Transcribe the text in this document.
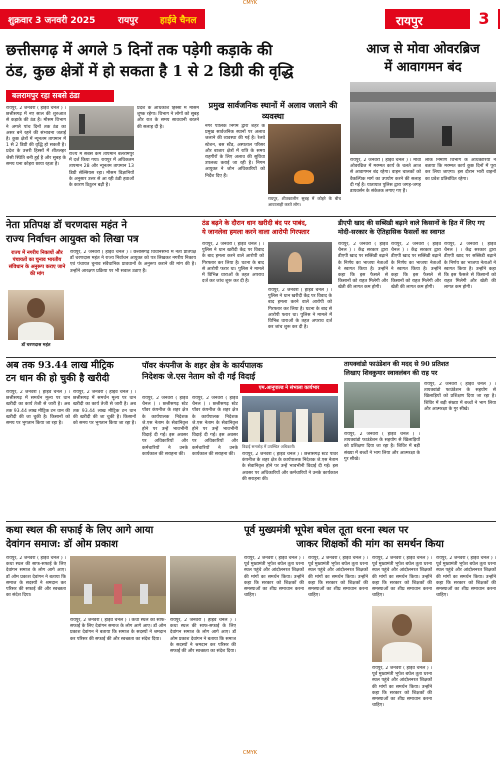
CMYK
शुक्रवार 3 जनवरी 2025	रायपुर हाईवे चैनल	रायपुर	3
छत्तीसगढ़ में अगले 5 दिनों तक पड़ेगी कड़ाके की
ठंड, कुछ क्षेत्रों में हो सकता है 1 से 2 डिग्री की वृद्धि
बलरामपुर रहा सबसे ठंडा
रायपुर, 2 जनवरी ( हाईवे चैनल ) । छत्तीसगढ़ में नए साल की शुरुआत से कड़ाके की ठंड है। मौसम विभाग ने अगले पांच दिनों तक ठंड का असर बने रहने की संभावना जताई है। कुछ क्षेत्रों में न्यूनतम तापमान में 1 से 2 डिग्री की वृद्धि हो सकती है। प्रदेश के उत्तरी हिस्सों में शीतलहर जैसी स्थिति बनी हुई है और सुबह के समय घना कोहरा छाया रहता है।
राज्य में सबसे कम तापमान बलरामपुर में दर्ज किया गया। रायपुर में अधिकतम तापमान 28 और न्यूनतम तापमान 13 डिग्री सेल्सियस रहा। मौसम विज्ञानियों के अनुसार उत्तर से आ रही ठंडी हवाओं के कारण ठिठुरन बढ़ी है।
प्रदेश के अधिकांश हिस्सों में मौसम शुष्क रहेगा। विभाग ने लोगों को सुबह और रात के समय सावधानी बरतने की सलाह दी है।
प्रमुख सार्वजनिक स्थानों में अलाव जलाने की व्यवस्था
नगर पालिक निगम द्वारा शहर के प्रमुख सार्वजनिक स्थानों पर अलाव जलाने की व्यवस्था की गई है। रेलवे स्टेशन, बस स्टैंड, अस्पताल परिसर और बाजार क्षेत्रों में रात्रि के समय राहगीरों के लिए अलाव की सुविधा उपलब्ध कराई जा रही है। निगम आयुक्त ने जोन अधिकारियों को निर्देश दिए हैं।
रायपुर, शीतकालीन सुबह में कोहरे के बीच आवाजाही करते लोग।
आज से मोवा ओवरब्रिज
में आवागमन बंद
रायपुर, 2 जनवरी ( हाईवे चैनल ) । मोवा ओवरब्रिज में मरम्मत कार्य के चलते आज से आवागमन बंद रहेगा। वाहन चालकों को वैकल्पिक मार्ग का उपयोग करने की सलाह दी गई है। यातायात पुलिस द्वारा जगह-जगह डायवर्सन के संकेतक लगाए गए हैं।
लोक निर्माण विभाग के अधिकारियों ने बताया कि मरम्मत कार्य कुछ दिनों में पूरा कर लिया जाएगा। इस दौरान भारी वाहनों का प्रवेश प्रतिबंधित रहेगा।
नेता प्रतिपक्ष डॉ चरणदास महंत ने
राज्य निर्वाचन आयुक्त को लिखा पत्र
राज्य में नगरीय निकायों और पंचायतों का चुनाव भारतीय संविधान के अनुरूप कराए जाने की मांग
डॉ चरणदास महंत
रायपुर, 2 जनवरी ( हाईवे चैनल ) । छत्तीसगढ़ विधानसभा में नेता प्रतिपक्ष डॉ चरणदास महंत ने राज्य निर्वाचन आयुक्त को पत्र लिखकर नगरीय निकाय एवं पंचायत चुनाव संवैधानिक प्रावधानों के अनुरूप कराने की मांग की है। उन्होंने आरक्षण प्रक्रिया पर भी सवाल उठाए हैं।
ठंड बढ़ने के दौरान धान खरीदी बंद पर पाबंद,
ये जानलेवा हमला करने वाला आरोपी गिरफ्तार
रायपुर, 2 जनवरी ( हाईवे चैनल ) । पुलिस ने धान खरीदी केंद्र पर विवाद के बाद हमला करने वाले आरोपी को गिरफ्तार कर लिया है। घटना के बाद से आरोपी फरार था। पुलिस ने मामले में विभिन्न धाराओं के तहत अपराध दर्ज कर जांच शुरू कर दी है।
रायपुर, 2 जनवरी ( हाईवे चैनल ) । पुलिस ने धान खरीदी केंद्र पर विवाद के बाद हमला करने वाले आरोपी को गिरफ्तार कर लिया है। घटना के बाद से आरोपी फरार था। पुलिस ने मामले में विभिन्न धाराओं के तहत अपराध दर्ज कर जांच शुरू कर दी है।
डीएपी खाद की सब्सिडी बढ़ाने वाले किसानों के हित में लिए गए
मोदी-सरकार के ऐतिहासिक फैसलों का स्वागत
रायपुर, 2 जनवरी ( हाईवे चैनल ) । केंद्र सरकार द्वारा डीएपी खाद पर सब्सिडी बढ़ाने के निर्णय का भाजपा नेताओं ने स्वागत किया है। उन्होंने कहा कि इस फैसले से किसानों को राहत मिलेगी और खेती की लागत कम होगी।
रायपुर, 2 जनवरी ( हाईवे चैनल ) । केंद्र सरकार द्वारा डीएपी खाद पर सब्सिडी बढ़ाने के निर्णय का भाजपा नेताओं ने स्वागत किया है। उन्होंने कहा कि इस फैसले से किसानों को राहत मिलेगी और खेती की लागत कम होगी।
रायपुर, 2 जनवरी ( हाईवे चैनल ) । केंद्र सरकार द्वारा डीएपी खाद पर सब्सिडी बढ़ाने के निर्णय का भाजपा नेताओं ने स्वागत किया है। उन्होंने कहा कि इस फैसले से किसानों को राहत मिलेगी और खेती की लागत कम होगी।
अब तक 93.44 लाख मीट्रिक
टन धान की हो चुकी है खरीदी
रायपुर, 2 जनवरी ( हाईवे चैनल ) । छत्तीसगढ़ में समर्थन मूल्य पर धान खरीदी का कार्य तेजी से जारी है। अब तक 93.44 लाख मीट्रिक टन धान की खरीदी की जा चुकी है। किसानों को समय पर भुगतान किया जा रहा है।
रायपुर, 2 जनवरी ( हाईवे चैनल ) । छत्तीसगढ़ में समर्थन मूल्य पर धान खरीदी का कार्य तेजी से जारी है। अब तक 93.44 लाख मीट्रिक टन धान की खरीदी की जा चुकी है। किसानों को समय पर भुगतान किया जा रहा है।
पॉवर कंपनीज के शहर क्षेत्र के कार्यपालक
निदेशक जे.एस नेताम को दी गई विदाई
एम.आनूपाल्ड ने संभाला कार्यभार
रायपुर, 2 जनवरी ( हाईवे चैनल ) । छत्तीसगढ़ स्टेट पॉवर कंपनीज के शहर क्षेत्र के कार्यपालक निदेशक जे.एस नेताम के सेवानिवृत्त होने पर उन्हें भावभीनी विदाई दी गई। इस अवसर पर अधिकारियों और कर्मचारियों ने उनके कार्यकाल की सराहना की।
रायपुर, 2 जनवरी ( हाईवे चैनल ) । छत्तीसगढ़ स्टेट पॉवर कंपनीज के शहर क्षेत्र के कार्यपालक निदेशक जे.एस नेताम के सेवानिवृत्त होने पर उन्हें भावभीनी विदाई दी गई। इस अवसर पर अधिकारियों और कर्मचारियों ने उनके कार्यकाल की सराहना की।
विदाई समारोह में उपस्थित अधिकारी।
रायपुर, 2 जनवरी ( हाईवे चैनल ) । छत्तीसगढ़ स्टेट पॉवर कंपनीज के शहर क्षेत्र के कार्यपालक निदेशक जे.एस नेताम के सेवानिवृत्त होने पर उन्हें भावभीनी विदाई दी गई। इस अवसर पर अधिकारियों और कर्मचारियों ने उनके कार्यकाल की सराहना की।
तायक्वांडो फाउंडेशन की मदद से 90 प्रतिशत
लिखाए शिवकुमार स्वावलंबन की राह पर
रायपुर, 2 जनवरी ( हाईवे चैनल ) । तायक्वांडो फाउंडेशन के सहयोग से खिलाड़ियों को प्रशिक्षण दिया जा रहा है। शिविर में बड़ी संख्या में बच्चों ने भाग लिया और आत्मरक्षा के गुर सीखे।
रायपुर, 2 जनवरी ( हाईवे चैनल ) । तायक्वांडो फाउंडेशन के सहयोग से खिलाड़ियों को प्रशिक्षण दिया जा रहा है। शिविर में बड़ी संख्या में बच्चों ने भाग लिया और आत्मरक्षा के गुर सीखे।
कथा स्थल की सफाई के लिए आगे आया
देवांगन समाज: डॉ ओम प्रकाश
रायपुर, 2 जनवरी ( हाईवे चैनल ) । कथा स्थल की साफ-सफाई के लिए देवांगन समाज के लोग आगे आए। डॉ ओम प्रकाश देवांगन ने बताया कि समाज के सदस्यों ने श्रमदान कर परिसर की सफाई की और स्वच्छता का संदेश दिया।
रायपुर, 2 जनवरी ( हाईवे चैनल ) । कथा स्थल की साफ-सफाई के लिए देवांगन समाज के लोग आगे आए। डॉ ओम प्रकाश देवांगन ने बताया कि समाज के सदस्यों ने श्रमदान कर परिसर की सफाई की और स्वच्छता का संदेश दिया।
रायपुर, 2 जनवरी ( हाईवे चैनल ) । कथा स्थल की साफ-सफाई के लिए देवांगन समाज के लोग आगे आए। डॉ ओम प्रकाश देवांगन ने बताया कि समाज के सदस्यों ने श्रमदान कर परिसर की सफाई की और स्वच्छता का संदेश दिया।
पूर्व मुख्यमंत्री भूपेश बघेल तूता धरना स्थल पर
जाकर शिक्षकों की मांग का समर्थन किया
रायपुर, 2 जनवरी ( हाईवे चैनल ) । पूर्व मुख्यमंत्री भूपेश बघेल तूता धरना स्थल पहुंचे और आंदोलनरत शिक्षकों की मांगों का समर्थन किया। उन्होंने कहा कि सरकार को शिक्षकों की समस्याओं का शीघ्र समाधान करना चाहिए।
रायपुर, 2 जनवरी ( हाईवे चैनल ) । पूर्व मुख्यमंत्री भूपेश बघेल तूता धरना स्थल पहुंचे और आंदोलनरत शिक्षकों की मांगों का समर्थन किया। उन्होंने कहा कि सरकार को शिक्षकों की समस्याओं का शीघ्र समाधान करना चाहिए।
रायपुर, 2 जनवरी ( हाईवे चैनल ) । पूर्व मुख्यमंत्री भूपेश बघेल तूता धरना स्थल पहुंचे और आंदोलनरत शिक्षकों की मांगों का समर्थन किया। उन्होंने कहा कि सरकार को शिक्षकों की समस्याओं का शीघ्र समाधान करना चाहिए।
रायपुर, 2 जनवरी ( हाईवे चैनल ) । पूर्व मुख्यमंत्री भूपेश बघेल तूता धरना स्थल पहुंचे और आंदोलनरत शिक्षकों की मांगों का समर्थन किया। उन्होंने कहा कि सरकार को शिक्षकों की समस्याओं का शीघ्र समाधान करना चाहिए।
रायपुर, 2 जनवरी ( हाईवे चैनल ) । पूर्व मुख्यमंत्री भूपेश बघेल तूता धरना स्थल पहुंचे और आंदोलनरत शिक्षकों की मांगों का समर्थन किया। उन्होंने कहा कि सरकार को शिक्षकों की समस्याओं का शीघ्र समाधान करना चाहिए।
CMYK
